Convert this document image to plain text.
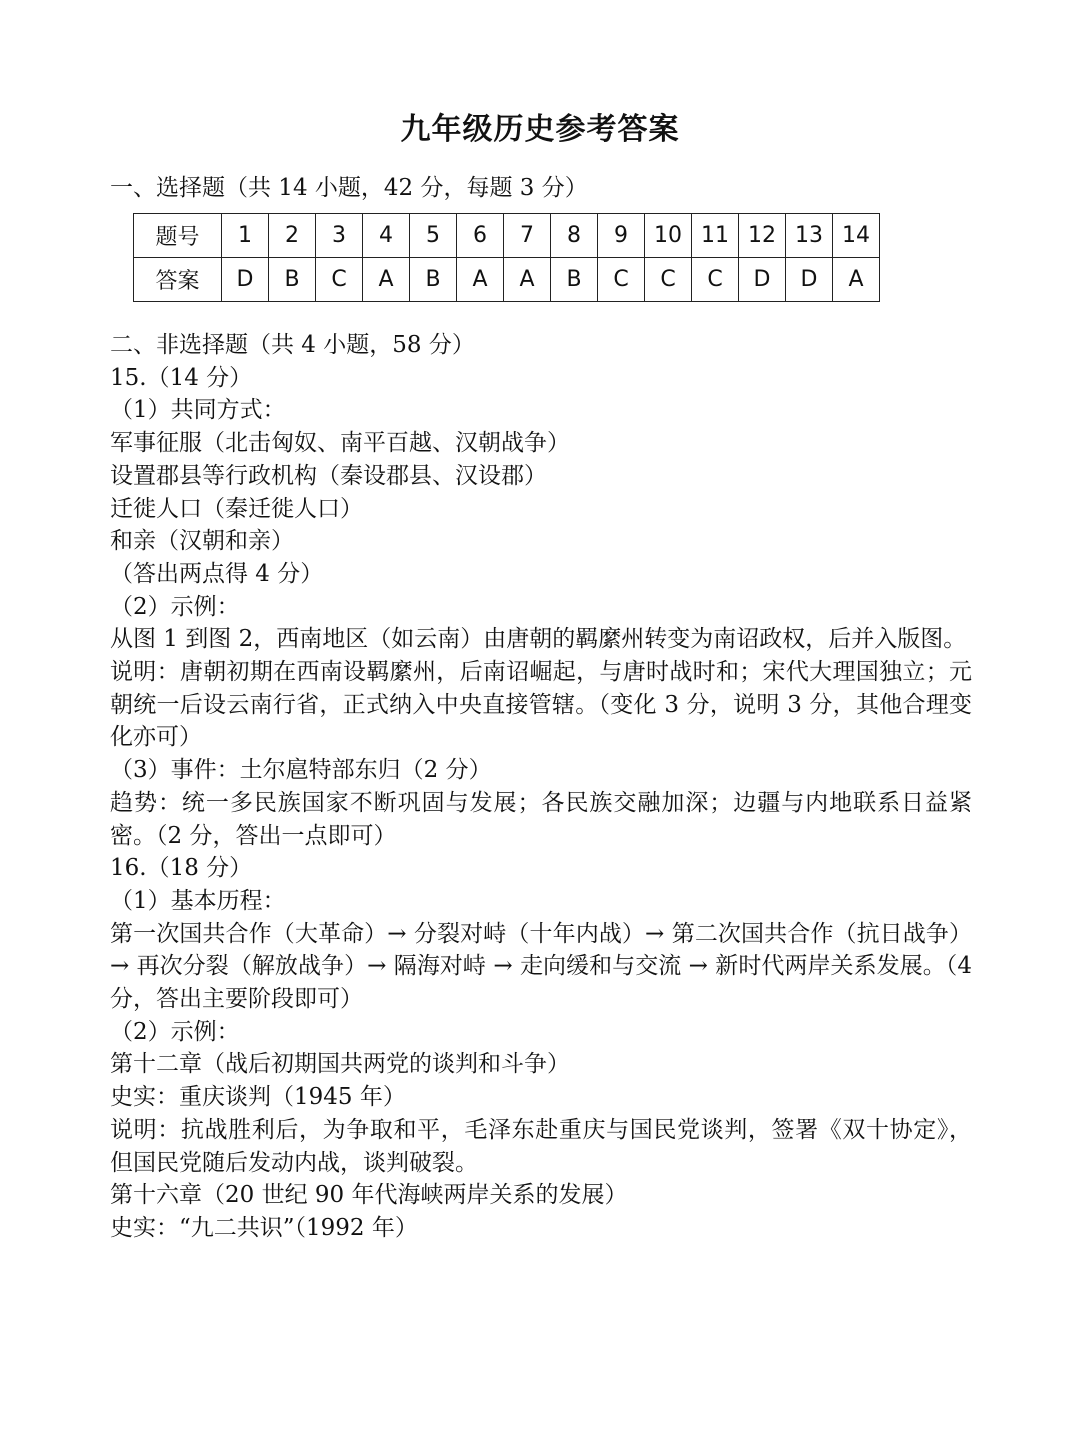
九年级历史参考答案
一、选择题（共 14 小题，42 分，每题 3 分）
题号	1	2	3	4	5	6	7	8	9	10	11	12	13	14
答案	D	B	C	A	B	A	A	B	C	C	C	D	D	A

二、非选择题（共 4 小题，58 分）

15.（14 分）

（1）共同方式：

军事征服（北击匈奴、南平百越、汉朝战争）

设置郡县等行政机构（秦设郡县、汉设郡）

迁徙人口（秦迁徙人口）

和亲（汉朝和亲）

（答出两点得 4 分）

（2）示例：

从图 1 到图 2，西南地区（如云南）由唐朝的羁縻州转变为南诏政权，后并入版图。

说明：唐朝初期在西南设羁縻州，后南诏崛起，与唐时战时和；宋代大理国独立；元朝统一后设云南行省，正式纳入中央直接管辖。（变化 3 分，说明 3 分，其他合理变化亦可）

（3）事件：土尔扈特部东归（2 分）

趋势：统一多民族国家不断巩固与发展；各民族交融加深；边疆与内地联系日益紧密。（2 分，答出一点即可）

16.（18 分）

（1）基本历程：

第一次国共合作（大革命）→ 分裂对峙（十年内战）→ 第二次国共合作（抗日战争）→ 再次分裂（解放战争）→ 隔海对峙 → 走向缓和与交流 → 新时代两岸关系发展。（4 分，答出主要阶段即可）

（2）示例：

第十二章（战后初期国共两党的谈判和斗争）

史实：重庆谈判（1945 年）

说明：抗战胜利后，为争取和平，毛泽东赴重庆与国民党谈判，签署《双十协定》，但国民党随后发动内战，谈判破裂。

第十六章（20 世纪 90 年代海峡两岸关系的发展）

史实：“九二共识”（1992 年）
